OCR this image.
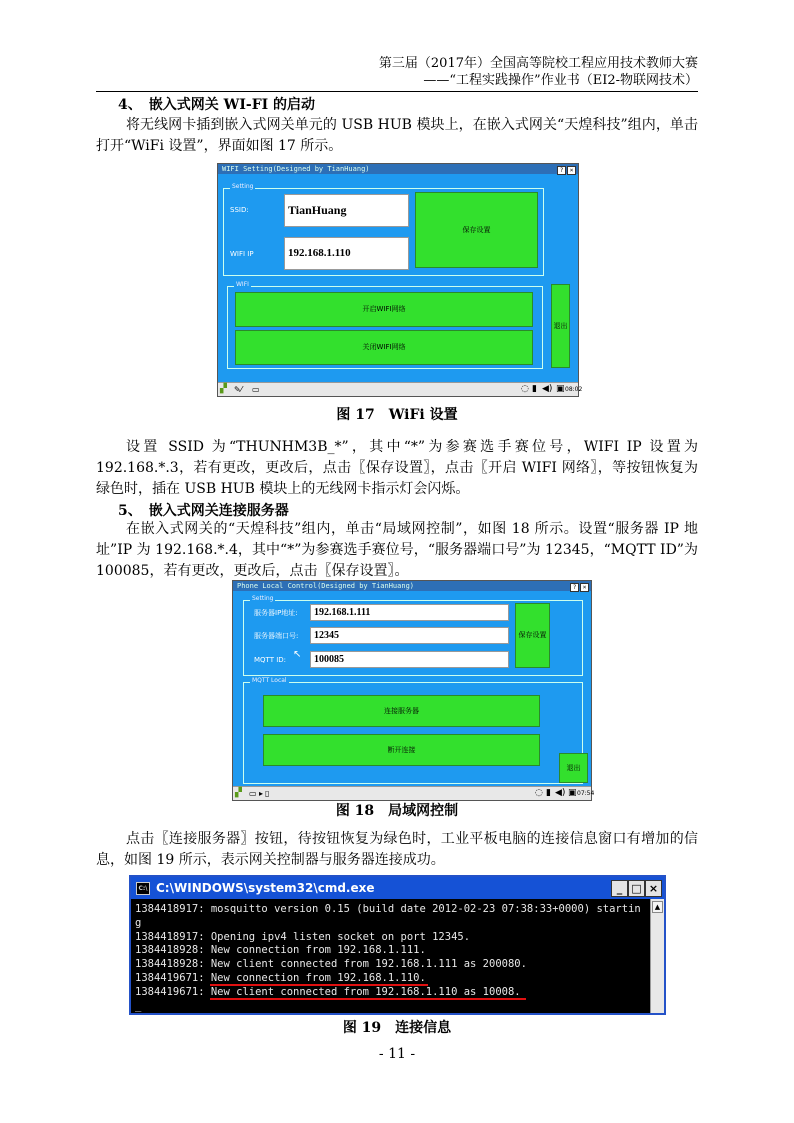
第三届（2017年）全国高等院校工程应用技术教师大赛
——“工程实践操作”作业书（EI2-物联网技术）
4、　嵌入式网关 WI-FI 的启动
将无线网卡插到嵌入式网关单元的 USB HUB 模块上，在嵌入式网关“天煌科技”组内，单击打开“WiFi 设置”，界面如图 17 所示。
WIFI Setting(Designed by TianHuang)	? ×
Setting
SSID:	TianHuang
WIFI IP	192.168.1.110
保存设置
WIFI
开启WIFI网络
关闭WIFI网络
退出
▞ ✎⁄ ▭	◌ ▮ ◀) ▣ 08:02
图 17　WiFi 设置
设置 SSID 为“THUNHM3B_*”，其中“*”为参赛选手赛位号，WIFI IP 设置为 192.168.*.3，若有更改，更改后，点击〖保存设置〗，点击〖开启 WIFI 网络〗，等按钮恢复为绿色时，插在 USB HUB 模块上的无线网卡指示灯会闪烁。
5、　嵌入式网关连接服务器
在嵌入式网关的“天煌科技”组内，单击“局域网控制”，如图 18 所示。设置“服务器 IP 地址”IP 为 192.168.*.4，其中“*”为参赛选手赛位号，“服务器端口号”为 12345，“MQTT ID”为 100085，若有更改，更改后，点击〖保存设置〗。
Phone Local Control(Designed by TianHuang)	? ×
Setting
服务器IP地址:	192.168.1.111
服务器端口号:	12345
MQTT ID:	100085
↖
保存设置
MQTT Local
连接服务器
断开连接
退出
▞ ▭ ▸ ▯	◌ ▮ ◀) ▣ 07:54
图 18　局域网控制
点击〖连接服务器〗按钮，待按钮恢复为绿色时，工业平板电脑的连接信息窗口有增加的信息，如图 19 所示，表示网关控制器与服务器连接成功。
C:\ C:\WINDOWS\system32\cmd.exe	_ □ ×
1384418917: mosquitto version 0.15 (build date 2012-02-23 07:38:33+0000) startin
g
1384418917: Opening ipv4 listen socket on port 12345.
1384418928: New connection from 192.168.1.111.
1384418928: New client connected from 192.168.1.111 as 200080.
1384419671: New connection from 192.168.1.110.
1384419671: New client connected from 192.168.1.110 as 10008.
_
▲
图 19　连接信息
- 11 -
